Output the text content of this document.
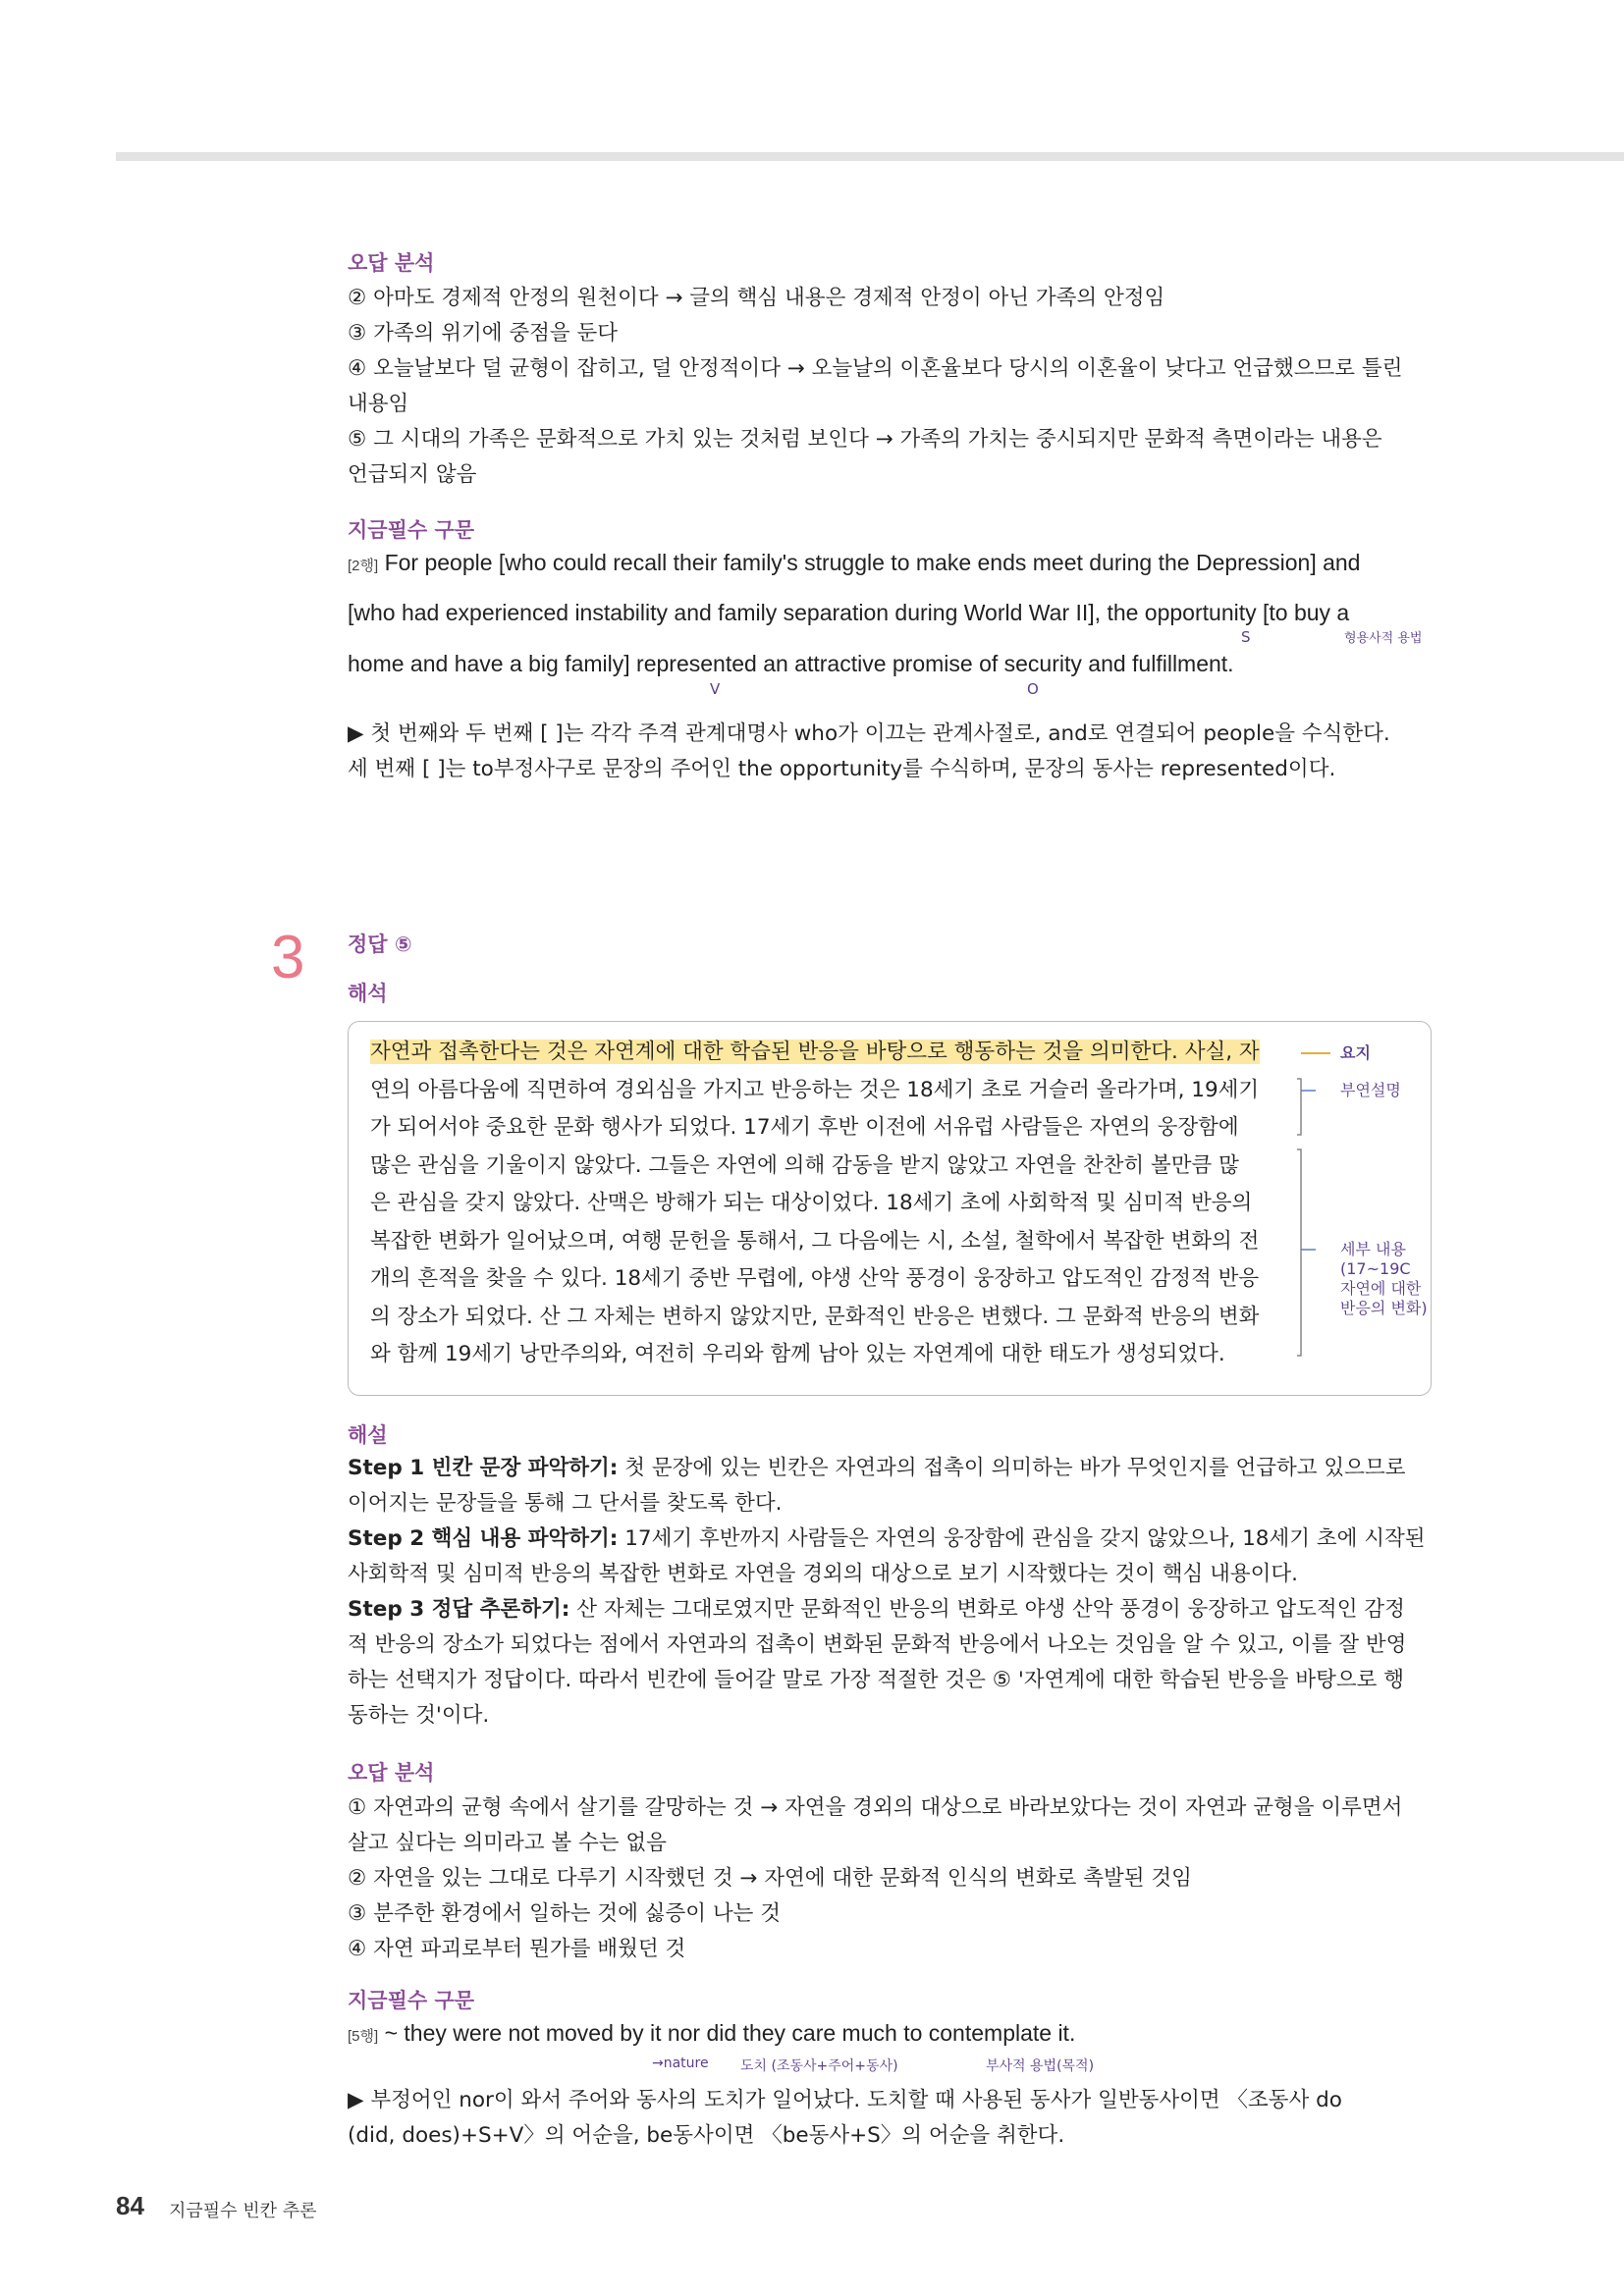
오답 분석
② 아마도 경제적 안정의 원천이다 → 글의 핵심 내용은 경제적 안정이 아닌 가족의 안정임
③ 가족의 위기에 중점을 둔다
④ 오늘날보다 덜 균형이 잡히고, 덜 안정적이다 → 오늘날의 이혼율보다 당시의 이혼율이 낮다고 언급했으므로 틀린
내용임
⑤ 그 시대의 가족은 문화적으로 가치 있는 것처럼 보인다 → 가족의 가치는 중시되지만 문화적 측면이라는 내용은
언급되지 않음
지금필수 구문
[2행] For people [who could recall their family's struggle to make ends meet during the Depression] and
[who had experienced instability and family separation during World War II], the opportunity [to buy a
home and have a big family] represented an attractive promise of security and fulfillment.
S	형용사적 용법
V	O
▶ 첫 번째와 두 번째 [ ]는 각각 주격 관계대명사 who가 이끄는 관계사절로, and로 연결되어 people을 수식한다.
세 번째 [ ]는 to부정사구로 문장의 주어인 the opportunity를 수식하며, 문장의 동사는 represented이다.
3 정답 ⑤
해석
자연과 접촉한다는 것은 자연계에 대한 학습된 반응을 바탕으로 행동하는 것을 의미한다. 사실, 자
연의 아름다움에 직면하여 경외심을 가지고 반응하는 것은 18세기 초로 거슬러 올라가며, 19세기
가 되어서야 중요한 문화 행사가 되었다. 17세기 후반 이전에 서유럽 사람들은 자연의 웅장함에
많은 관심을 기울이지 않았다. 그들은 자연에 의해 감동을 받지 않았고 자연을 찬찬히 볼만큼 많
은 관심을 갖지 않았다. 산맥은 방해가 되는 대상이었다. 18세기 초에 사회학적 및 심미적 반응의
복잡한 변화가 일어났으며, 여행 문헌을 통해서, 그 다음에는 시, 소설, 철학에서 복잡한 변화의 전
개의 흔적을 찾을 수 있다. 18세기 중반 무렵에, 야생 산악 풍경이 웅장하고 압도적인 감정적 반응
의 장소가 되었다. 산 그 자체는 변하지 않았지만, 문화적인 반응은 변했다. 그 문화적 반응의 변화
와 함께 19세기 낭만주의와, 여전히 우리와 함께 남아 있는 자연계에 대한 태도가 생성되었다.
요지
부연설명
세부 내용
(17~19C
자연에 대한
반응의 변화)
해설
Step 1 빈칸 문장 파악하기: 첫 문장에 있는 빈칸은 자연과의 접촉이 의미하는 바가 무엇인지를 언급하고 있으므로
이어지는 문장들을 통해 그 단서를 찾도록 한다.
Step 2 핵심 내용 파악하기: 17세기 후반까지 사람들은 자연의 웅장함에 관심을 갖지 않았으나, 18세기 초에 시작된
사회학적 및 심미적 반응의 복잡한 변화로 자연을 경외의 대상으로 보기 시작했다는 것이 핵심 내용이다.
Step 3 정답 추론하기: 산 자체는 그대로였지만 문화적인 반응의 변화로 야생 산악 풍경이 웅장하고 압도적인 감정
적 반응의 장소가 되었다는 점에서 자연과의 접촉이 변화된 문화적 반응에서 나오는 것임을 알 수 있고, 이를 잘 반영
하는 선택지가 정답이다. 따라서 빈칸에 들어갈 말로 가장 적절한 것은 ⑤ '자연계에 대한 학습된 반응을 바탕으로 행
동하는 것'이다.
오답 분석
① 자연과의 균형 속에서 살기를 갈망하는 것 → 자연을 경외의 대상으로 바라보았다는 것이 자연과 균형을 이루면서
살고 싶다는 의미라고 볼 수는 없음
② 자연을 있는 그대로 다루기 시작했던 것 → 자연에 대한 문화적 인식의 변화로 촉발된 것임
③ 분주한 환경에서 일하는 것에 싫증이 나는 것
④ 자연 파괴로부터 뭔가를 배웠던 것
지금필수 구문
[5행] ~ they were not moved by it nor did they care much to contemplate it.
→nature 도치 (조동사+주어+동사)	부사적 용법(목적)
▶ 부정어인 nor이 와서 주어와 동사의 도치가 일어났다. 도치할 때 사용된 동사가 일반동사이면 〈조동사 do
(did, does)+S+V〉의 어순을, be동사이면 〈be동사+S〉의 어순을 취한다.
84 지금필수 빈칸 추론
